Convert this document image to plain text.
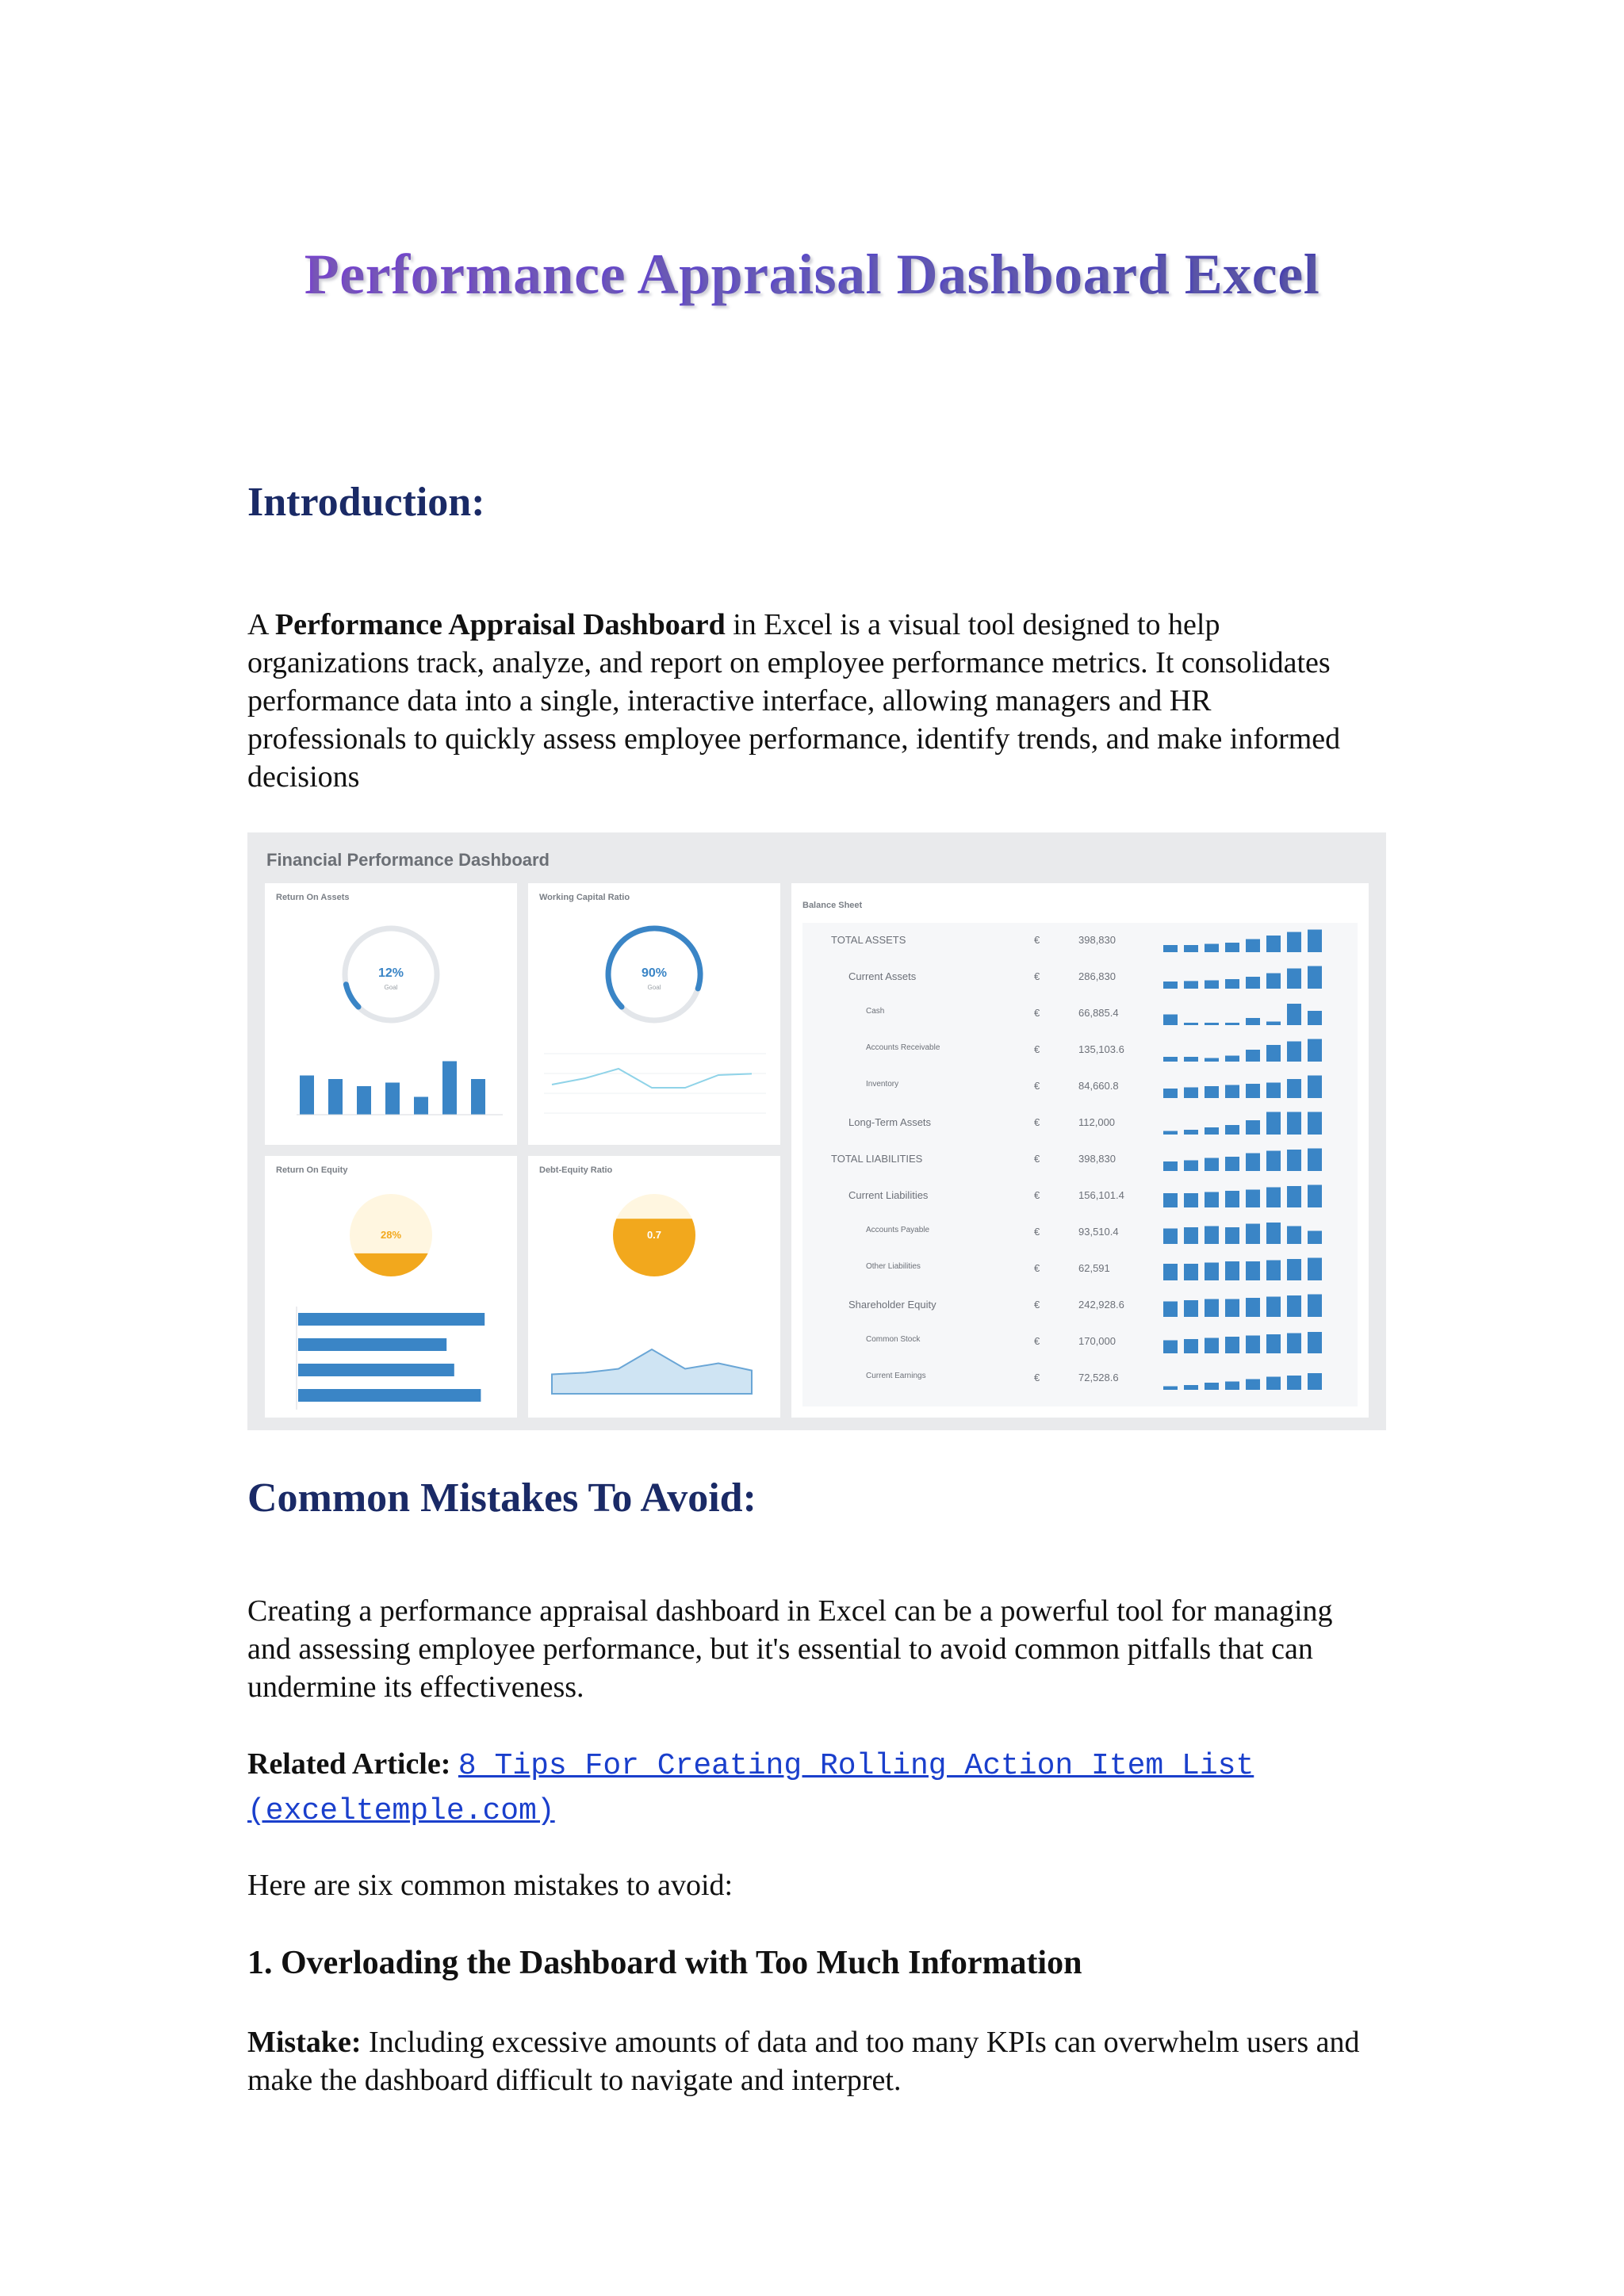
Performance Appraisal Dashboard Excel
Introduction:

A Performance Appraisal Dashboard in Excel is a visual tool designed to help organizations track, analyze, and report on employee performance metrics. It consolidates performance data into a single, interactive interface, allowing managers and HR professionals to quickly assess employee performance, identify trends, and make informed decisions

Financial Performance Dashboard
Return On Assets
12%
Goal
Working Capital Ratio
90%
Goal
Return On Equity
28%
Debt-Equity Ratio
0.7
Balance Sheet
TOTAL ASSETS	€	398,830
Current Assets	€	286,830
Cash	€	66,885.4
Accounts Receivable	€	135,103.6
Inventory	€	84,660.8
Long-Term Assets	€	112,000
TOTAL LIABILITIES	€	398,830
Current Liabilities	€	156,101.4
Accounts Payable	€	93,510.4
Other Liabilities	€	62,591
Shareholder Equity	€	242,928.6
Common Stock	€	170,000
Current Earnings	€	72,528.6
Common Mistakes To Avoid:

Creating a performance appraisal dashboard in Excel can be a powerful tool for managing and assessing employee performance, but it's essential to avoid common pitfalls that can undermine its effectiveness.

Related Article: 8 Tips For Creating Rolling Action Item List (exceltemple.com)

Here are six common mistakes to avoid:

1. Overloading the Dashboard with Too Much Information

Mistake: Including excessive amounts of data and too many KPIs can overwhelm users and make the dashboard difficult to navigate and interpret.
